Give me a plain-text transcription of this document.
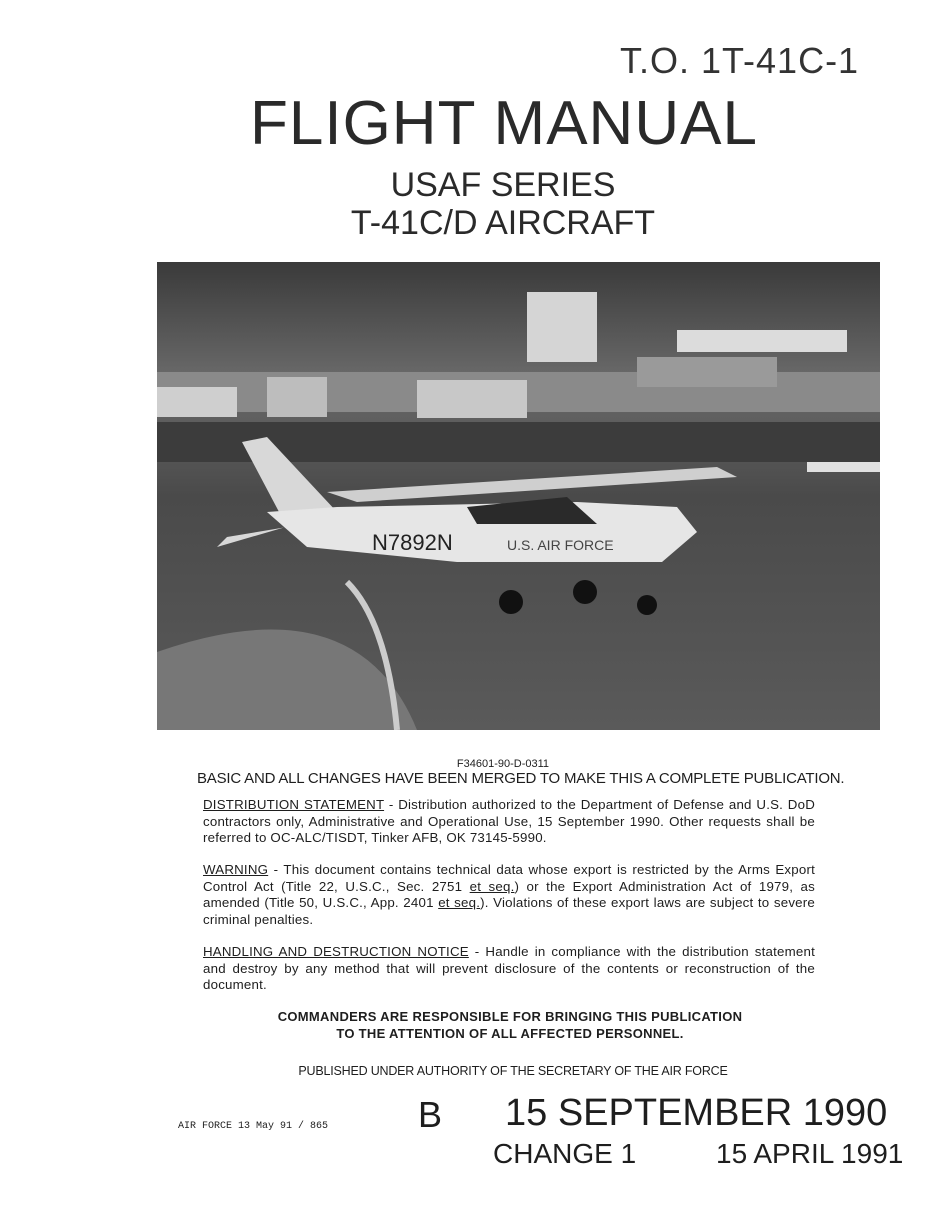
T.O. 1T-41C-1
FLIGHT MANUAL
USAF SERIES
T-41C/D AIRCRAFT
N7892N	U.S. AIR FORCE
F34601-90-D-0311
BASIC AND ALL CHANGES HAVE BEEN MERGED TO MAKE THIS A COMPLETE PUBLICATION.
DISTRIBUTION STATEMENT - Distribution authorized to the Department of Defense and U.S. DoD contractors only, Administrative and Operational Use, 15 September 1990. Other requests shall be referred to OC-ALC/TISDT, Tinker AFB, OK 73145-5990.
WARNING - This document contains technical data whose export is restricted by the Arms Export Control Act (Title 22, U.S.C., Sec. 2751 et seq.) or the Export Administration Act of 1979, as amended (Title 50, U.S.C., App. 2401 et seq.). Violations of these export laws are subject to severe criminal penalties.
HANDLING AND DESTRUCTION NOTICE - Handle in compliance with the distribution statement and destroy by any method that will prevent disclosure of the contents or reconstruction of the document.
COMMANDERS ARE RESPONSIBLE FOR BRINGING THIS PUBLICATION
TO THE ATTENTION OF ALL AFFECTED PERSONNEL.
PUBLISHED UNDER AUTHORITY OF THE SECRETARY OF THE AIR FORCE
AIR FORCE 13 May 91 / 865 B 15 SEPTEMBER 1990
CHANGE 1	15 APRIL 1991
